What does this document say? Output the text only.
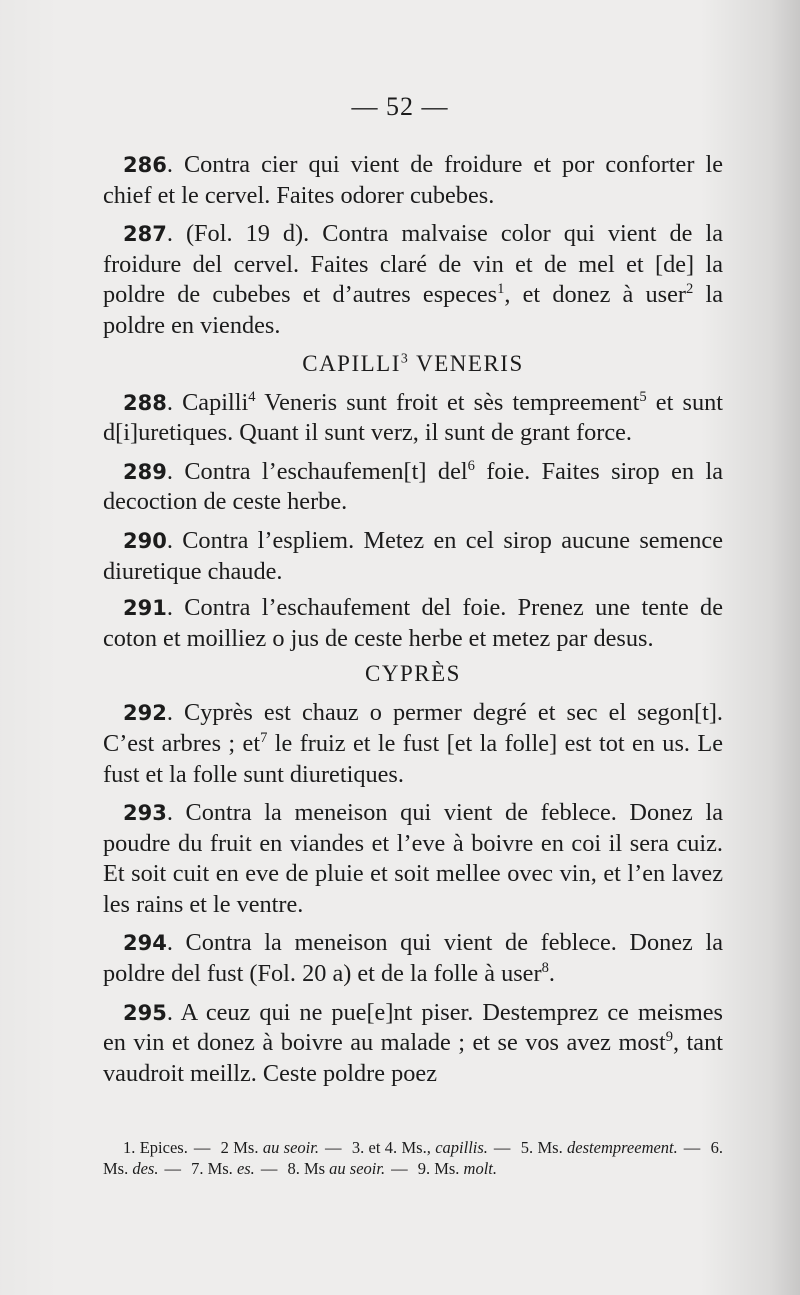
— 52 —

286. Contra cier qui vient de froidure et por conforter le chief et le cervel. Faites odorer cubebes.

287. (Fol. 19 d). Contra malvaise color qui vient de la froidure del cervel. Faites claré de vin et de mel et [de] la poldre de cubebes et d’autres especes$^1$, et donez à user$^2$ la poldre en viendes.

CAPILLI$^3$ VENERIS

288. Capilli$^4$ Veneris sunt froit et sès tempreement$^5$ et sunt d[i]uretiques. Quant il sunt verz, il sunt de grant force.

289. Contra l’eschaufemen[t] del$^6$ foie. Faites sirop en la decoction de ceste herbe.

290. Contra l’espliem. Metez en cel sirop aucune semence diuretique chaude.

291. Contra l’eschaufement del foie. Prenez une tente de coton et moilliez o jus de ceste herbe et metez par desus.

CYPRÈS

292. Cyprès est chauz o permer degré et sec el segon[t]. C’est arbres ; $et^7$ le fruiz et le fust [et la folle] est tot en us. Le fust et la folle sunt diuretiques.

293. Contra la meneison qui vient de feblece. Donez la poudre du fruit en viandes et l’eve à boivre en coi il sera cuiz. Et soit cuit en eve de pluie et soit mellee ovec vin, et l’en lavez les rains et le ventre.

294. Contra la meneison qui vient de feblece. Donez la poldre del fust (Fol. 20 a) et de la folle à user$^8$.

295. A ceuz qui ne pue[e]nt piser. Destemprez ce meismes en vin et donez à boivre au malade ; et se vos avez most$^9$, tant vaudroit meillz. Ceste poldre poez

1. Epices. — 2 Ms. au seoir. — 3. et 4. Ms., capillis. — 5. Ms. destempreement. — 6. Ms. des. — 7. Ms. es. — 8. Ms au seoir. — 9. Ms. molt.
